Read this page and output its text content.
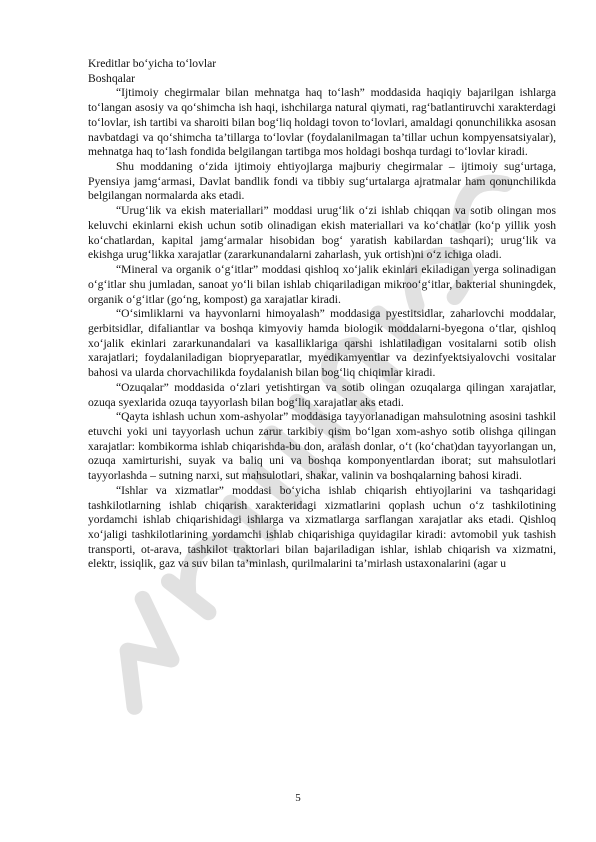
Kreditlar bo‘yicha to‘lovlar

Boshqalar

“Ijtimoiy chegirmalar bilan mehnatga haq to‘lash” moddasida haqiqiy bajarilgan ishlarga to‘langan asosiy va qo‘shimcha ish haqi, ishchilarga natural qiymati, rag‘batlantiruvchi xarakterdagi to‘lovlar, ish tartibi va sharoiti bilan bog‘liq holdagi tovon to‘lovlari, amaldagi qonunchilikka asosan navbatdagi va qo‘shimcha ta’tillarga to‘lovlar (foydalanilmagan ta’tillar uchun kompyensatsiyalar), mehnatga haq to‘lash fondida belgilangan tartibga mos holdagi boshqa turdagi to‘lovlar kiradi.

Shu moddaning o‘zida ijtimoiy ehtiyojlarga majburiy chegirmalar – ijtimoiy sug‘urtaga, Pyensiya jamg‘armasi, Davlat bandlik fondi va tibbiy sug‘urtalarga ajratmalar ham qonunchilikda belgilangan normalarda aks etadi.

“Urug‘lik va ekish materiallari” moddasi urug‘lik o‘zi ishlab chiqqan va sotib olingan mos keluvchi ekinlarni ekish uchun sotib olinadigan ekish materiallari va ko‘chatlar (ko‘p yillik yosh ko‘chatlardan, kapital jamg‘armalar hisobidan bog‘ yaratish kabilardan tashqari); urug‘lik va ekishga urug‘likka xarajatlar (zararkunandalarni zaharlash, yuk ortish)ni o‘z ichiga oladi.

“Mineral va organik o‘g‘itlar” moddasi qishloq xo‘jalik ekinlari ekiladigan yerga solinadigan o‘g‘itlar shu jumladan, sanoat yo‘li bilan ishlab chiqariladigan mikroo‘g‘itlar, bakterial shuningdek, organik o‘g‘itlar (go‘ng, kompost) ga xarajatlar kiradi.

“O‘simliklarni va hayvonlarni himoyalash” moddasiga pyestitsidlar, zaharlovchi moddalar, gerbitsidlar, difaliantlar va boshqa kimyoviy hamda biologik moddalarni-byegona o‘tlar, qishloq xo‘jalik ekinlari zararkunandalari va kasalliklariga qarshi ishlatiladigan vositalarni sotib olish xarajatlari; foydalaniladigan biopryeparatlar, myedikamyentlar va dezinfyektsiyalovchi vositalar bahosi va ularda chorvachilikda foydalanish bilan bog‘liq chiqimlar kiradi.

“Ozuqalar” moddasida o‘zlari yetishtirgan va sotib olingan ozuqalarga qilingan xarajatlar, ozuqa syexlarida ozuqa tayyorlash bilan bog‘liq xarajatlar aks etadi.

“Qayta ishlash uchun xom-ashyolar” moddasiga tayyorlanadigan mahsulotning asosini tashkil etuvchi yoki uni tayyorlash uchun zarur tarkibiy qism bo‘lgan xom-ashyo sotib olishga qilingan xarajatlar: kombikorma ishlab chiqarishda-bu don, aralash donlar, o‘t (ko‘chat)dan tayyorlangan un, ozuqa xamirturishi, suyak va baliq uni va boshqa komponyentlardan iborat; sut mahsulotlari tayyorlashda – sutning narxi, sut mahsulotlari, shakar, valinin va boshqalarning bahosi kiradi.

“Ishlar va xizmatlar” moddasi bo‘yicha ishlab chiqarish ehtiyojlarini va tashqaridagi tashkilotlarning ishlab chiqarish xarakteridagi xizmatlarini qoplash uchun o‘z tashkilotining yordamchi ishlab chiqarishidagi ishlarga va xizmatlarga sarflangan xarajatlar aks etadi. Qishloq xo‘jaligi tashkilotlarining yordamchi ishlab chiqarishiga quyidagilar kiradi: avtomobil yuk tashish transporti, ot-arava, tashkilot traktorlari bilan bajariladigan ishlar, ishlab chiqarish va xizmatni, elektr, issiqlik, gaz va suv bilan ta’minlash, qurilmalarini ta’mirlash ustaxonalarini (agar u

5
